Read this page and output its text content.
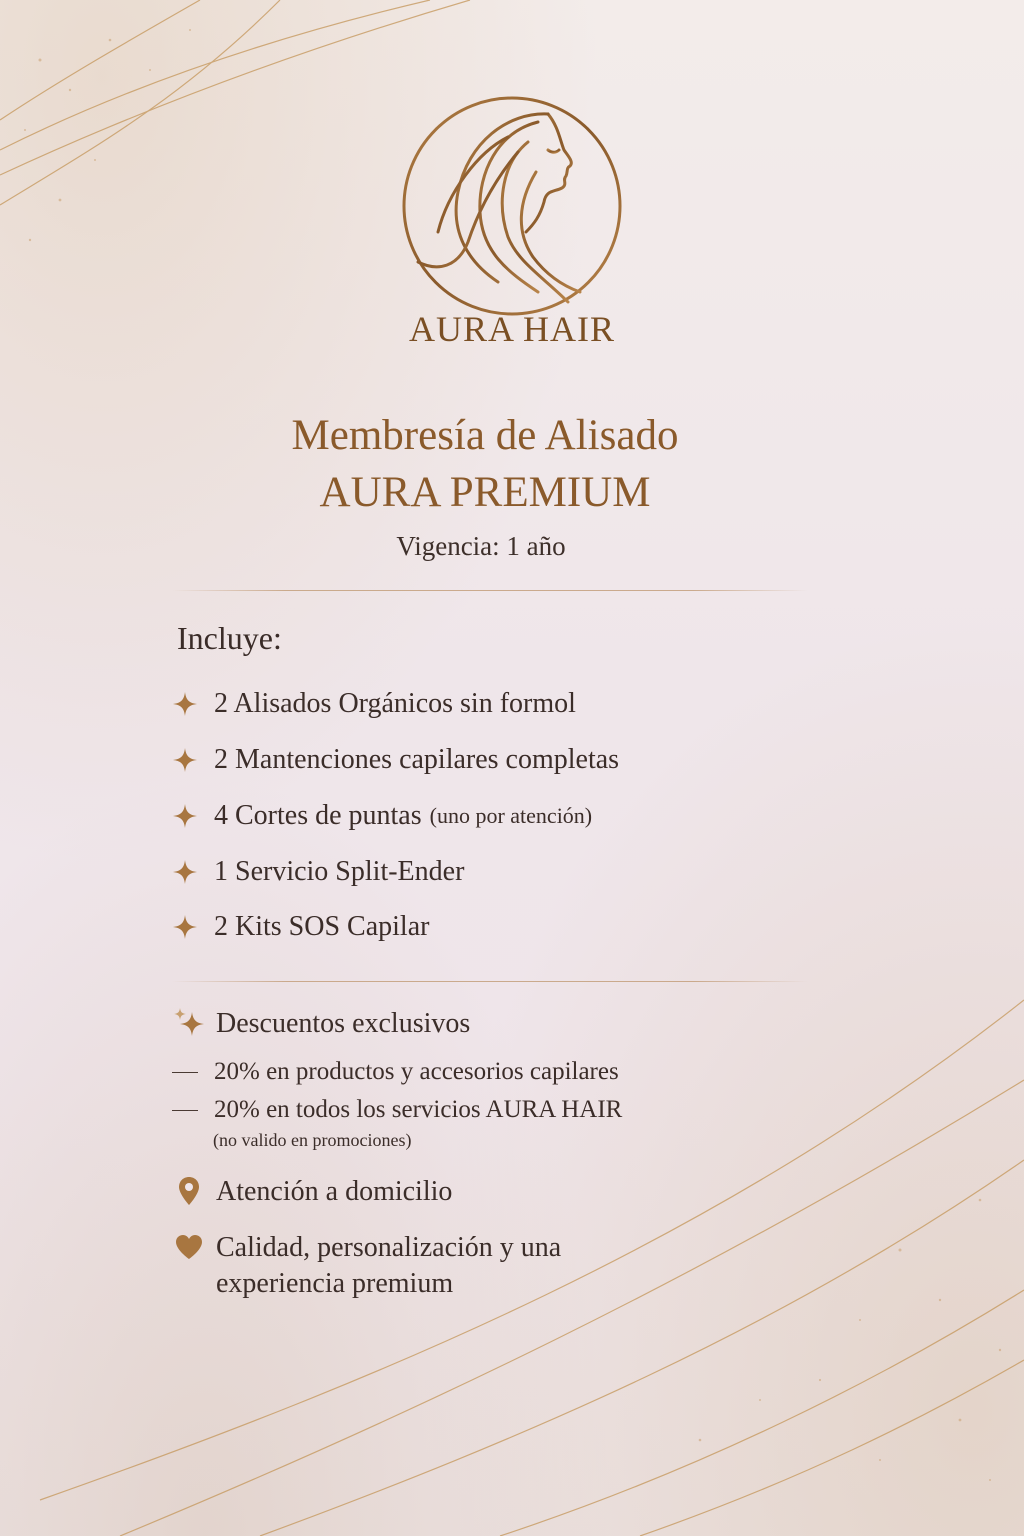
AURA HAIR
Membresía de Alisado
AURA PREMIUM
Vigencia: 1 año
Incluye:
2 Alisados Orgánicos sin formol
2 Mantenciones capilares completas
4 Cortes de puntas (uno por atención)
1 Servicio Split-Ender
2 Kits SOS Capilar
Descuentos exclusivos
20% en productos y accesorios capilares
20% en todos los servicios AURA HAIR
(no valido en promociones)
Atención a domicilio
Calidad, personalización y una
experiencia premium
